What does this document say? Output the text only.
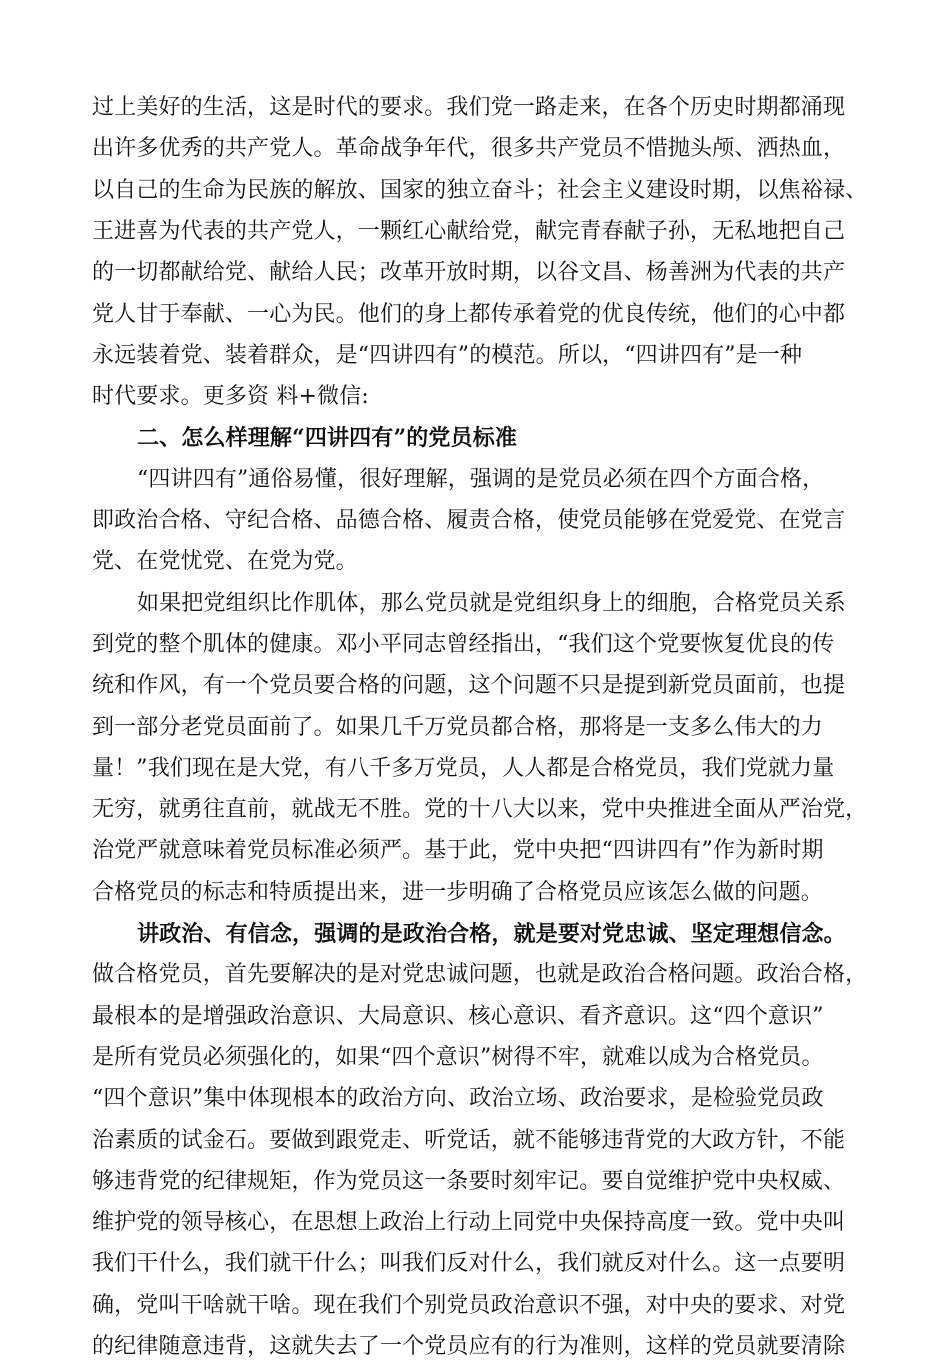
过上美好的生活，这是时代的要求。我们党一路走来，在各个历史时期都涌现
出许多优秀的共产党人。革命战争年代，很多共产党员不惜抛头颅、洒热血，
以自己的生命为民族的解放、国家的独立奋斗；社会主义建设时期，以焦裕禄、
王进喜为代表的共产党人，一颗红心献给党，献完青春献子孙，无私地把自己
的一切都献给党、献给人民；改革开放时期，以谷文昌、杨善洲为代表的共产
党人甘于奉献、一心为民。他们的身上都传承着党的优良传统，他们的心中都
永远装着党、装着群众，是“四讲四有”的模范。所以，“四讲四有”是一种
时代要求。更多资 料+微信:
二、怎么样理解“四讲四有”的党员标准
“四讲四有”通俗易懂，很好理解，强调的是党员必须在四个方面合格，
即政治合格、守纪合格、品德合格、履责合格，使党员能够在党爱党、在党言
党、在党忧党、在党为党。
如果把党组织比作肌体，那么党员就是党组织身上的细胞，合格党员关系
到党的整个肌体的健康。邓小平同志曾经指出，“我们这个党要恢复优良的传
统和作风，有一个党员要合格的问题，这个问题不只是提到新党员面前，也提
到一部分老党员面前了。如果几千万党员都合格，那将是一支多么伟大的力
量！”我们现在是大党，有八千多万党员，人人都是合格党员，我们党就力量
无穷，就勇往直前，就战无不胜。党的十八大以来，党中央推进全面从严治党，
治党严就意味着党员标准必须严。基于此，党中央把“四讲四有”作为新时期
合格党员的标志和特质提出来，进一步明确了合格党员应该怎么做的问题。
讲政治、有信念，强调的是政治合格，就是要对党忠诚、坚定理想信念。
做合格党员，首先要解决的是对党忠诚问题，也就是政治合格问题。政治合格，
最根本的是增强政治意识、大局意识、核心意识、看齐意识。这“四个意识”
是所有党员必须强化的，如果“四个意识”树得不牢，就难以成为合格党员。
“四个意识”集中体现根本的政治方向、政治立场、政治要求，是检验党员政
治素质的试金石。要做到跟党走、听党话，就不能够违背党的大政方针，不能
够违背党的纪律规矩，作为党员这一条要时刻牢记。要自觉维护党中央权威、
维护党的领导核心，在思想上政治上行动上同党中央保持高度一致。党中央叫
我们干什么，我们就干什么；叫我们反对什么，我们就反对什么。这一点要明
确，党叫干啥就干啥。现在我们个别党员政治意识不强，对中央的要求、对党
的纪律随意违背，这就失去了一个党员应有的行为准则，这样的党员就要清除
